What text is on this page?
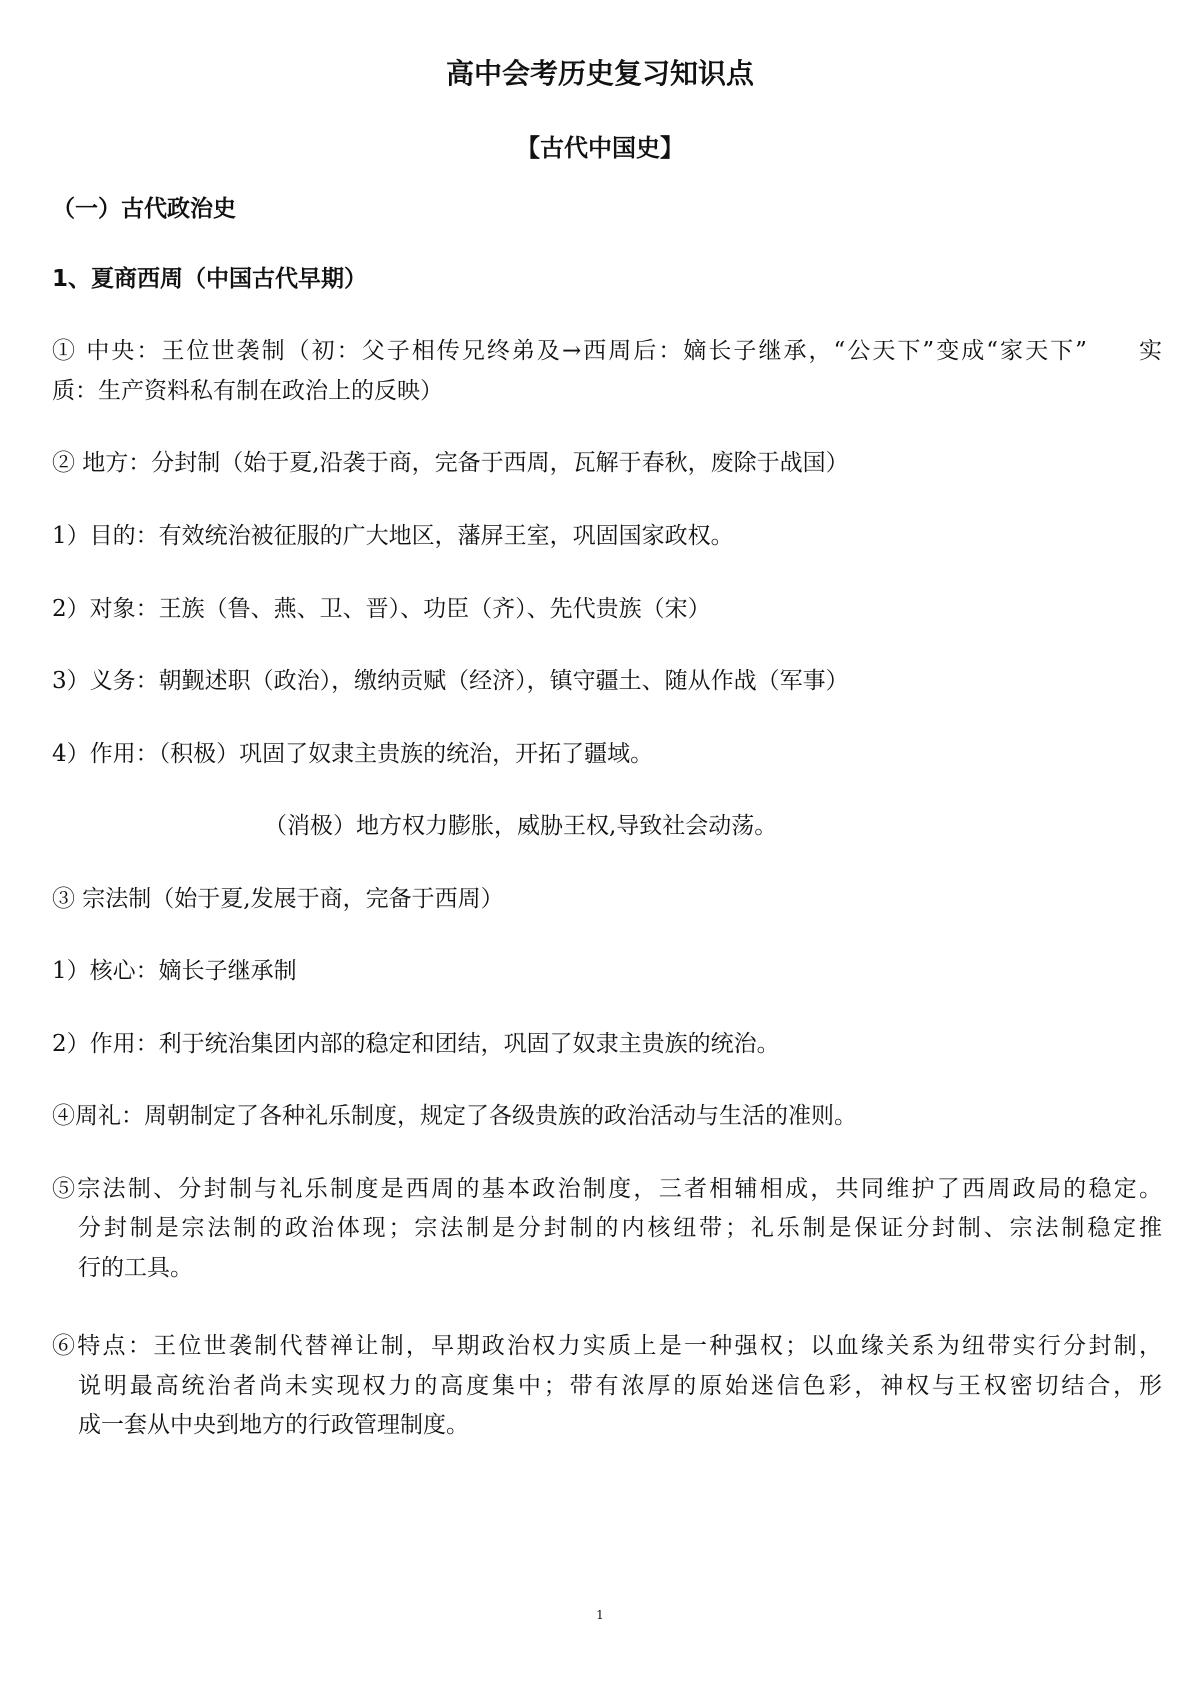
高中会考历史复习知识点
【古代中国史】
（一）古代政治史
1、夏商西周（中国古代早期）
① 中央：王位世袭制（初：父子相传兄终弟及→西周后：嫡长子继承，“公天下”变成“家天下”　　实
质：生产资料私有制在政治上的反映）
② 地方：分封制（始于夏,沿袭于商，完备于西周，瓦解于春秋，废除于战国）
1）目的：有效统治被征服的广大地区，藩屏王室，巩固国家政权。
2）对象：王族（鲁、燕、卫、晋）、功臣（齐）、先代贵族（宋）
3）义务：朝觐述职（政治），缴纳贡赋（经济），镇守疆土、随从作战（军事）
4）作用：（积极）巩固了奴隶主贵族的统治，开拓了疆域。
（消极）地方权力膨胀，威胁王权,导致社会动荡。
③ 宗法制（始于夏,发展于商，完备于西周）
1）核心：嫡长子继承制
2）作用：利于统治集团内部的稳定和团结，巩固了奴隶主贵族的统治。
④周礼：周朝制定了各种礼乐制度，规定了各级贵族的政治活动与生活的准则。
⑤宗法制、分封制与礼乐制度是西周的基本政治制度，三者相辅相成，共同维护了西周政局的稳定。
分封制是宗法制的政治体现；宗法制是分封制的内核纽带；礼乐制是保证分封制、宗法制稳定推
行的工具。
⑥特点：王位世袭制代替禅让制，早期政治权力实质上是一种强权；以血缘关系为纽带实行分封制，
说明最高统治者尚未实现权力的高度集中；带有浓厚的原始迷信色彩，神权与王权密切结合，形
成一套从中央到地方的行政管理制度。
1
